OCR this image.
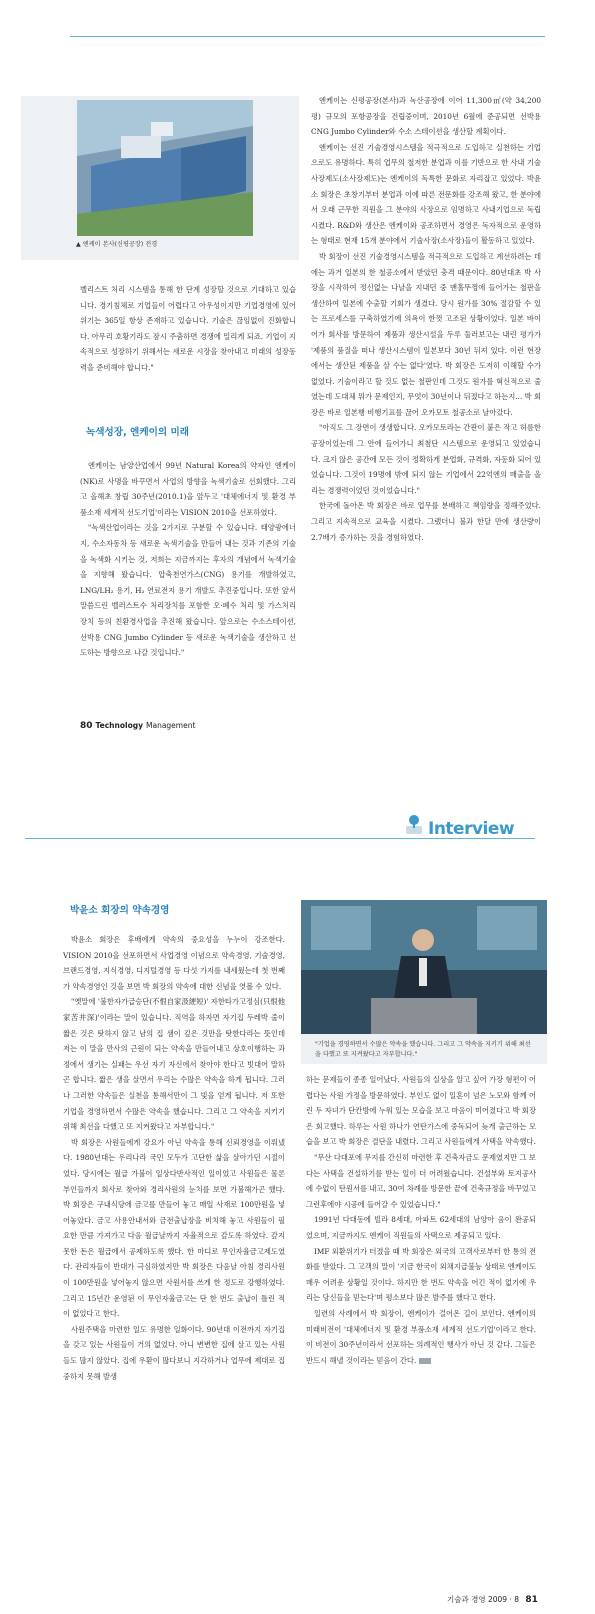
▲ 엔케이 본사(신평공장) 전경

벨리스트 처리 시스템을 통해 한 단계 성장할 것으로 기대하고 있습니다. 경기침체로 기업들이 어렵다고 아우성이지만 기업경영에 있어 위기는 365일 항상 존재하고 있습니다. 기술은 끊임없이 진화합니다. 아무리 호황기라도 잠시 주춤하면 경쟁에 밀리게 되죠. 기업이 지속적으로 성장하기 위해서는 새로운 시장을 찾아내고 미래의 성장동력을 준비해야 합니다."

녹색성장, 엔케이의 미래

엔케이는 남양산업에서 99년 Natural Korea의 약자인 엔케이(NK)로 사명을 바꾸면서 사업의 방향을 녹색기술로 선회했다. 그리고 올해초 창립 30주년(2010.1)을 앞두고 '대체에너지 및 환경 부품소재 세계적 선도기업'이라는 VISION 2010을 선포하였다.

"녹색산업이라는 것을 2가지로 구분할 수 있습니다. 태양광에너지, 수소자동차 등 새로운 녹색기술을 만들어 내는 것과 기존의 기술을 녹색화 시키는 것, 저희는 지금까지는 후자의 개념에서 녹색기술을 지향해 왔습니다. 압축천연가스(CNG) 용기를 개발하였고, LNG/LH₂ 용기, H₂ 연료전지 용기 개발도 추진중입니다. 또한 앞서 말씀드린 벨러스트수 처리장치를 포함한 오·폐수 처리 및 가스처리 장치 등의 친환경사업을 추진해 왔습니다. 앞으로는 수소스테이션, 선박용 CNG Jumbo Cylinder 등 새로운 녹색기술을 생산하고 선도하는 방향으로 나갈 것입니다."

엔케이는 신평공장(본사)과 녹산공장에 이어 11,300㎡(약 34,200평) 규모의 포항공장을 건립중이며, 2010년 6월에 준공되면 선박용 CNG Jumbo Cylinder와 수소 스테이션을 생산할 계획이다.

엔케이는 선진 기술경영시스템을 적극적으로 도입하고 실천하는 기업으로도 유명하다. 특히 업무의 철저한 분업과 이를 기반으로 한 사내 기술사장제도(소사장제도)는 엔케이의 독특한 문화로 자리잡고 있었다. 박윤소 회장은 초창기부터 분업과 이에 따른 전문화를 강조해 왔고, 한 분야에서 오래 근무한 직원을 그 분야의 사장으로 임명하고 사내기업으로 독립시켰다. R&D와 생산은 엔케이와 공조하면서 경영은 독자적으로 운영하는 형태로 현재 15개 분야에서 기술사장(소사장)들이 활동하고 있었다.

박 회장이 선진 기술경영시스템을 적극적으로 도입하고 계선하려는 데에는 과거 일본의 한 철공소에서 받았던 충격 때문이다. 80년대초 박 사장을 시작하여 정신없는 나날을 지내던 중 맨홀뚜껑에 들어가는 철판을 생산하여 일본에 수출할 기회가 생겼다. 당시 원가를 30% 절감할 수 있는 프로세스를 구축하였기에 의욕이 한껏 고조된 상황이었다. 일본 바이어가 회사를 방문하여 제품과 생산시설을 두루 둘러보고는 내린 평가가 '제품의 품질을 떠나 생산시스템이 일본보다 30년 뒤져 있다. 이런 현장에서는 생산된 제품을 살 수는 없다'였다. 박 회장은 도저히 이해할 수가 없었다. 기술이라고 할 것도 없는 철판인데 그것도 원가를 혁신적으로 줄였는데 도대체 뭐가 문제인지, 무엇이 30년이나 뒤졌다고 하는지... 박 회장은 바로 일본행 비행기표를 끊어 오카모토 철공소로 날아갔다.

"아직도 그 장면이 생생합니다. 오카모토라는 간판이 붙은 작고 허름한 공장이었는데 그 안에 들어가니 최첨단 시스템으로 운영되고 있었습니다. 크지 않은 공간에 모든 것이 정확하게 분업화, 규격화, 자동화 되어 있었습니다. 그것이 19명에 밖에 되지 않는 기업에서 22억엔의 매출을 올리는 경쟁력이었던 것이었습니다."

한국에 돌아온 박 회장은 바로 업무를 분배하고 책임량을 정해주었다. 그리고 지속적으로 교육을 시켰다. 그랬더니 불과 한달 만에 생산량이 2.7배가 증가하는 것을 경험하였다.

80 Technology Management
Interview
박윤소 회장의 약속경영

박윤소 회장은 후배에게 약속의 중요성을 누누이 강조한다. VISION 2010을 선포하면서 사업경영 이념으로 약속경영, 기술경영, 브랜드경영, 지식경영, 디지털경영 등 다섯 가지를 내세웠는데 첫 번째가 약속경영인 것을 보면 박 회장의 약속에 대한 신념을 엿볼 수 있다.

"옛말에 '불한자가급승단(不恨自家汲綆短)' 자한타가고정심(只恨他家苦井深)'이라는 말이 있습니다. 직역을 하자면 자기집 두레박 줄이 짧은 것은 탓하지 않고 남의 집 샘이 깊은 것만을 탓한다라는 뜻인데 저는 이 말을 만사의 근원이 되는 약속을 만들어내고 상호이행하는 과정에서 생기는 실패는 우선 자기 자신에서 찾아야 한다고 빗대어 말하곤 합니다. 짧은 생을 살면서 우리는 수많은 약속을 하게 됩니다. 그러나 그러한 약속들은 실천을 통해서만이 그 빛을 얻게 됩니다. 저 또한 기업을 경영하면서 수많은 약속을 했습니다. 그리고 그 약속을 지키기 위해 최선을 다했고 또 지켜왔다고 자부합니다."

박 회장은 사원들에게 강요가 아닌 약속을 통해 신뢰경영을 이뤄냈다. 1980년대는 우리나라 국민 모두가 고단한 삶을 살아가던 시절이었다. 당시에는 월급 가불이 일상다반사적인 일이었고 사원들은 물론 부인들까지 회사로 찾아와 경리사원의 눈치를 보면 가불해가곤 했다. 박 회장은 구내식당에 금고를 만들어 놓고 매일 사재로 100만원을 넣어놓았다. 금고 사용안내서와 금전출납장을 비치해 놓고 사원들이 필요한 만큼 가져가고 다음 월급날까지 자율적으로 갚도록 하였다. 갚지 못한 돈은 월급에서 공제하도록 했다. 한 마디로 무인자율금고제도였다. 관리자들이 반대가 극심하였지만 박 회장은 다음날 아침 경리사원이 100만원을 넣어놓지 않으면 사원서를 쓰게 한 정도로 강행하였다. 그리고 15년간 운영된 이 무인자율금고는 단 한 번도 출납이 틀린 적이 없었다고 한다.

사원주택을 마련한 일도 유명한 일화이다. 90년대 이전까지 자기집을 갖고 있는 사원들이 거의 없었다. 아니 변변한 집에 살고 있는 사원들도 많지 않았다. 집에 우환이 많다보니 지각하거나 업무에 제대로 집중하지 못해 발생

"기업을 경영하면서 수많은 약속을 했습니다. 그리고 그 약속을 지키기 위해 최선을 다했고 또 지켜왔다고 자부합니다."

하는 문제들이 종종 일어났다. 사원들의 실상을 알고 싶어 가장 형편이 어렵다는 사원 가정을 방문하였다. 부인도 없이 일혼이 넘은 노모와 함께 어린 두 자녀가 단칸방에 누워 있는 모습을 보고 마음이 미어졌다고 박 회장은 회고했다. 하루는 사원 하나가 연탄가스에 중독되어 늦게 출근하는 모습을 보고 박 회장은 결단을 내렸다. 그리고 사원들에게 사택을 약속했다.

"무산 다대포에 무지를 간신히 마련한 후 건축자금도 문제였지만 그 보다는 사택을 건설하기를 받는 일이 더 어려웠습니다. 건설부와 토지공사에 수없이 탄원서를 내고, 30여 차례를 방문한 끝에 건축규정을 바꾸었고 그런후에야 시공에 들어갈 수 있었습니다."

1991년 다대동에 빌라 8세대, 아파트 62세대의 남양아 옴이 완공되었으며, 지금까지도 엔케이 직원들의 사택으로 제공되고 있다.

IMF 외환위기가 터졌을 때 박 회장은 외국의 고객사로부터 한 통의 전화를 받았다. 그 고객의 말이 '지금 한국이 외채지급불능 상태로 엔케이도 매우 어려운 상황일 것이다. 하지만 한 번도 약속을 어긴 적이 없기에 우리는 당신들을 믿는다'며 평소보다 많은 발주를 했다고 한다.

일련의 사례에서 박 회장이, 엔케이가 걸어온 길이 보인다. 엔케이의 미래비전이 '대체에너지 및 환경 부품소재 세계적 선도기업'이라고 한다. 이 비전이 30주년이라서 선포하는 의례적인 행사가 아닌 것 같다. 그들은 반드시 해낼 것이라는 믿음이 간다.

기술과 경영 2009 · 8 81
